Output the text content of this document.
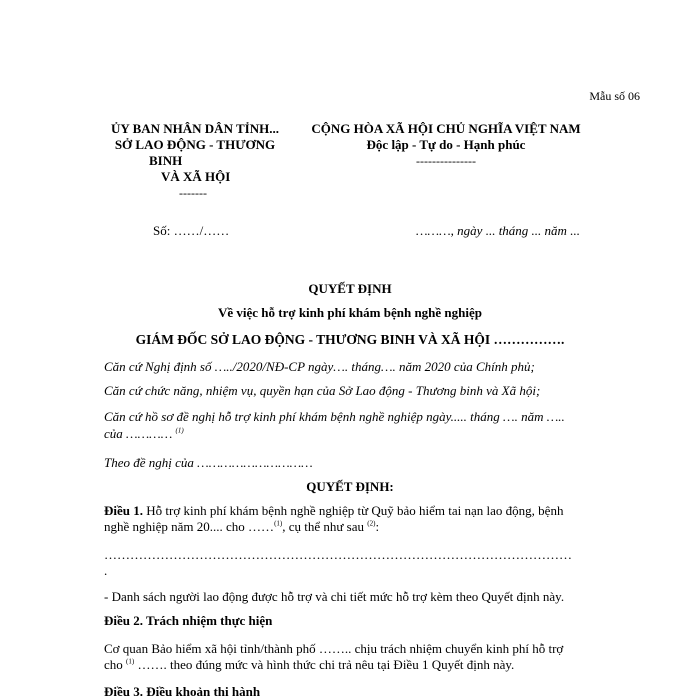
Mẫu số 06
ỦY BAN NHÂN DÂN TỈNH...
SỞ LAO ĐỘNG - THƯƠNG
BINH
VÀ XÃ HỘI
-------
Số: ……/……
CỘNG HÒA XÃ HỘI CHỦ NGHĨA VIỆT NAM
Độc lập - Tự do - Hạnh phúc
---------------
………, ngày ... tháng ... năm ...
QUYẾT ĐỊNH
Về việc hỗ trợ kinh phí khám bệnh nghề nghiệp
GIÁM ĐỐC SỞ LAO ĐỘNG - THƯƠNG BINH VÀ XÃ HỘI …………….
Căn cứ Nghị định số …../2020/NĐ-CP ngày…. tháng…. năm 2020 của Chính phủ;
Căn cứ chức năng, nhiệm vụ, quyền hạn của Sở Lao động - Thương binh và Xã hội;
Căn cứ hồ sơ đề nghị hỗ trợ kinh phí khám bệnh nghề nghiệp ngày..... tháng …. năm …..
của ………… $^{(1)}$
Theo đề nghị của …………………………
QUYẾT ĐỊNH:
Điều 1. Hỗ trợ kinh phí khám bệnh nghề nghiệp từ Quỹ bảo hiểm tai nạn lao động, bệnh
nghề nghiệp năm 20.... cho ……$^{(1)}$, cụ thể như sau $^{(2)}$:
………………………………………………………………………………………………
.
- Danh sách người lao động được hỗ trợ và chi tiết mức hỗ trợ kèm theo Quyết định này.
Điều 2. Trách nhiệm thực hiện
Cơ quan Bảo hiểm xã hội tỉnh/thành phố …….. chịu trách nhiệm chuyển kinh phí hỗ trợ
cho $^{(1)}$ ……. theo đúng mức và hình thức chi trả nêu tại Điều 1 Quyết định này.
Điều 3. Điều khoản thi hành
